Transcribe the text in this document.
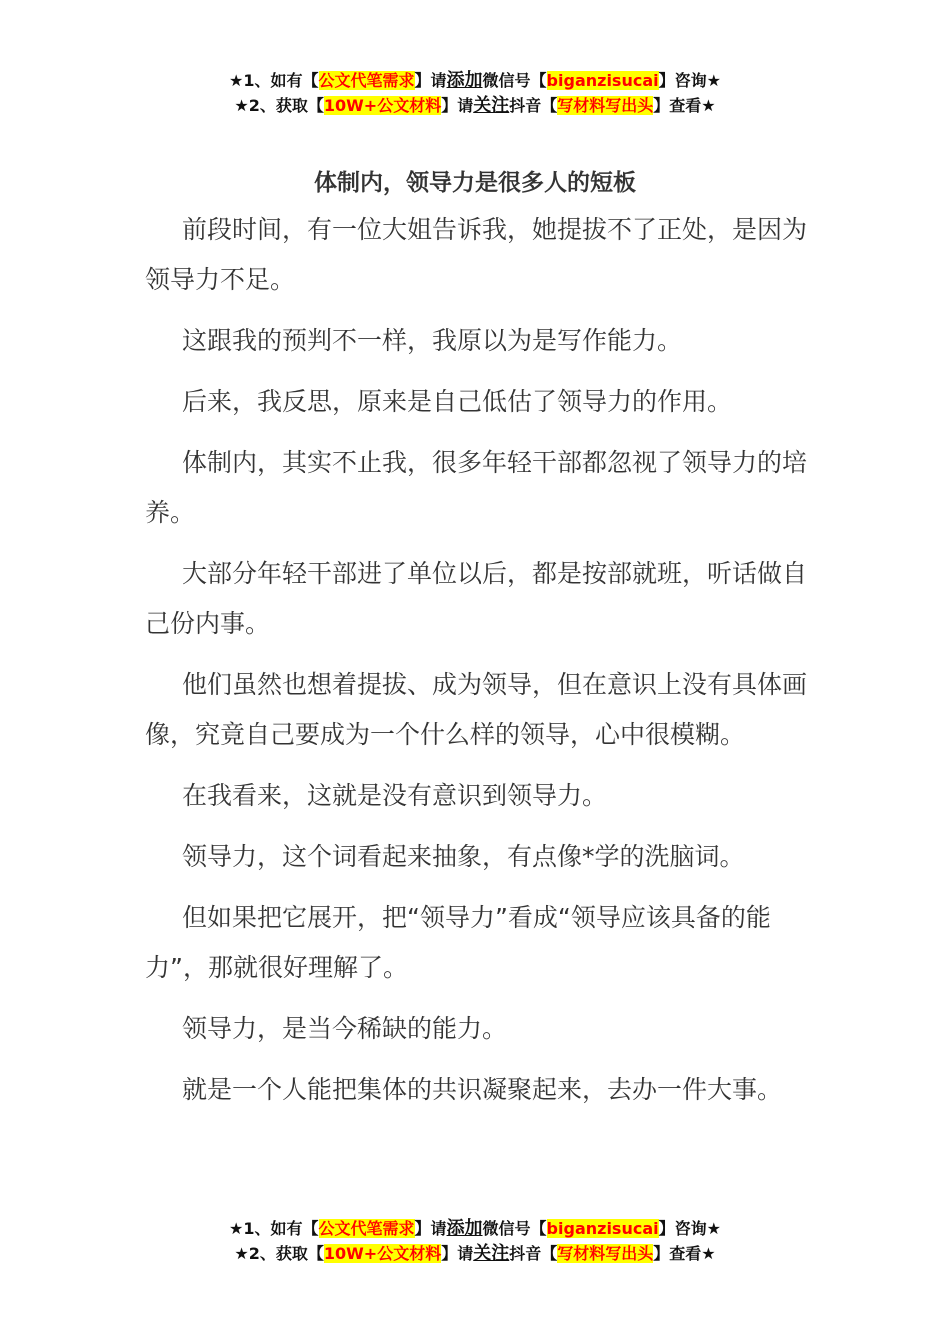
★1、如有【公文代笔需求】请添加微信号【biganzisucai】咨询★
★2、获取【10W+公文材料】请关注抖音【写材料写出头】查看★
体制内，领导力是很多人的短板

前段时间，有一位大姐告诉我，她提拔不了正处，是因为领导力不足。

这跟我的预判不一样，我原以为是写作能力。

后来，我反思，原来是自己低估了领导力的作用。

体制内，其实不止我，很多年轻干部都忽视了领导力的培养。

大部分年轻干部进了单位以后，都是按部就班，听话做自己份内事。

他们虽然也想着提拔、成为领导，但在意识上没有具体画像，究竟自己要成为一个什么样的领导，心中很模糊。

在我看来，这就是没有意识到领导力。

领导力，这个词看起来抽象，有点像*学的洗脑词。

但如果把它展开，把“领导力”看成“领导应该具备的能力”，那就很好理解了。

领导力，是当今稀缺的能力。

就是一个人能把集体的共识凝聚起来，去办一件大事。

★1、如有【公文代笔需求】请添加微信号【biganzisucai】咨询★
★2、获取【10W+公文材料】请关注抖音【写材料写出头】查看★
